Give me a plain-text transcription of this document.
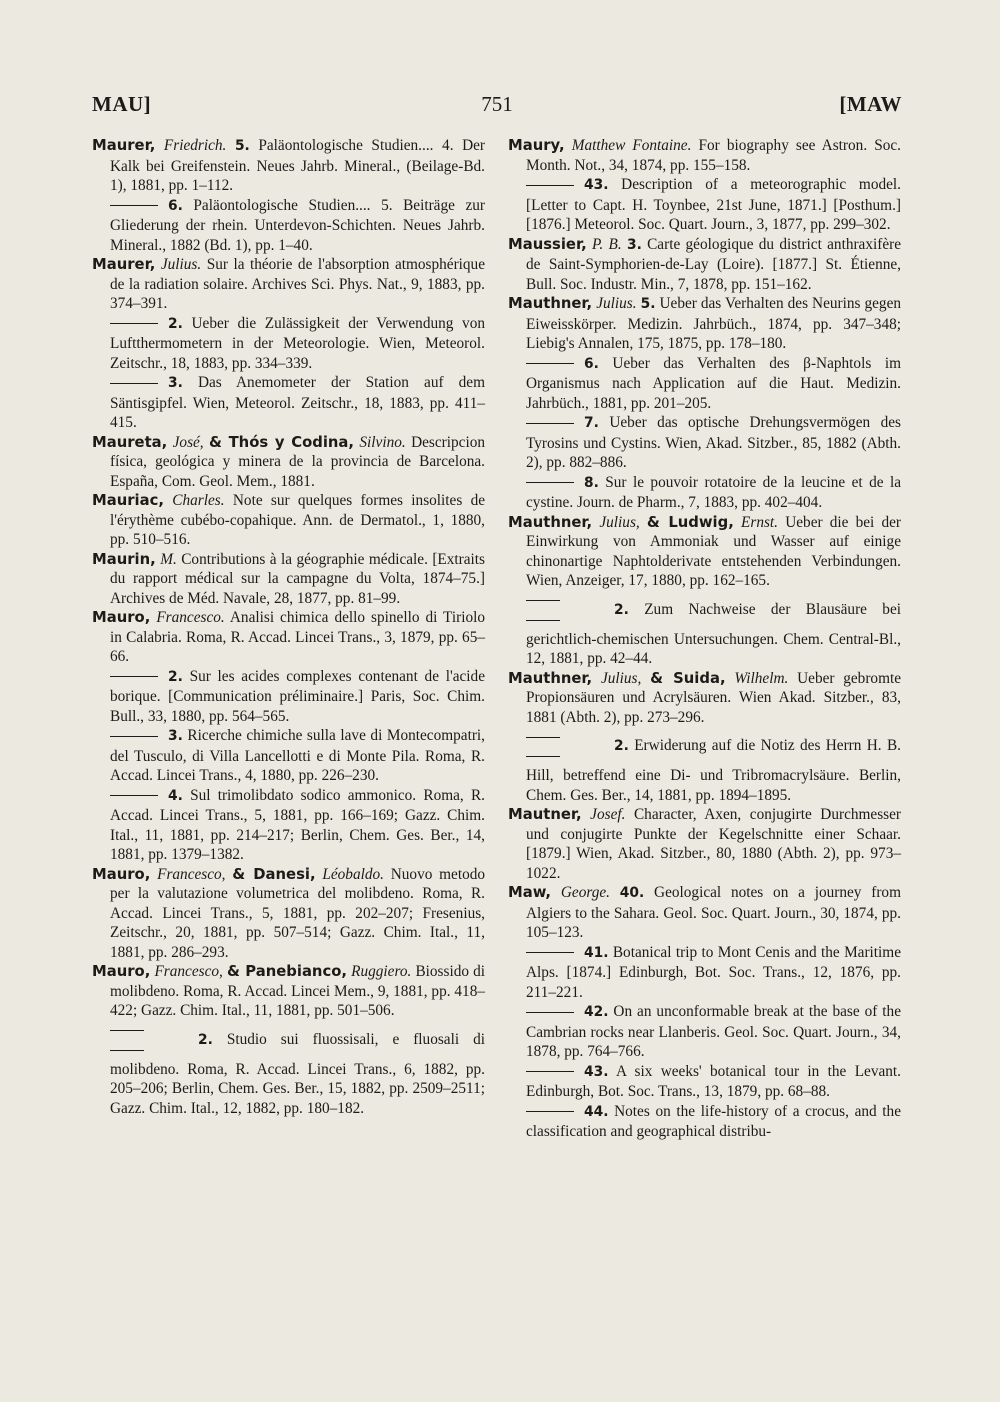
MAU]	751	[MAW
Maurer, Friedrich. 5. Paläontologische Studien.... 4. Der Kalk bei Greifenstein. Neues Jahrb. Mineral., (Beilage-Bd. 1), 1881, pp. 1–112.
6. Paläontologische Studien.... 5. Beiträge zur Gliederung der rhein. Unterdevon-Schichten. Neues Jahrb. Mineral., 1882 (Bd. 1), pp. 1–40.
Maurer, Julius. Sur la théorie de l'absorption atmosphérique de la radiation solaire. Archives Sci. Phys. Nat., 9, 1883, pp. 374–391.
2. Ueber die Zulässigkeit der Verwendung von Luftthermometern in der Meteorologie. Wien, Meteorol. Zeitschr., 18, 1883, pp. 334–339.
3. Das Anemometer der Station auf dem Säntisgipfel. Wien, Meteorol. Zeitschr., 18, 1883, pp. 411–415.
Maureta, José, & Thós y Codina, Silvino. Descripcion física, geológica y minera de la provincia de Barcelona. España, Com. Geol. Mem., 1881.
Mauriac, Charles. Note sur quelques formes insolites de l'érythème cubébo-copahique. Ann. de Dermatol., 1, 1880, pp. 510–516.
Maurin, M. Contributions à la géographie médicale. [Extraits du rapport médical sur la campagne du Volta, 1874–75.] Archives de Méd. Navale, 28, 1877, pp. 81–99.
Mauro, Francesco. Analisi chimica dello spinello di Tiriolo in Calabria. Roma, R. Accad. Lincei Trans., 3, 1879, pp. 65–66.
2. Sur les acides complexes contenant de l'acide borique. [Communication préliminaire.] Paris, Soc. Chim. Bull., 33, 1880, pp. 564–565.
3. Ricerche chimiche sulla lave di Montecompatri, del Tusculo, di Villa Lancellotti e di Monte Pila. Roma, R. Accad. Lincei Trans., 4, 1880, pp. 226–230.
4. Sul trimolibdato sodico ammonico. Roma, R. Accad. Lincei Trans., 5, 1881, pp. 166–169; Gazz. Chim. Ital., 11, 1881, pp. 214–217; Berlin, Chem. Ges. Ber., 14, 1881, pp. 1379–1382.
Mauro, Francesco, & Danesi, Léobaldo. Nuovo metodo per la valutazione volumetrica del molibdeno. Roma, R. Accad. Lincei Trans., 5, 1881, pp. 202–207; Fresenius, Zeitschr., 20, 1881, pp. 507–514; Gazz. Chim. Ital., 11, 1881, pp. 286–293.
Mauro, Francesco, & Panebianco, Ruggiero. Biossido di molibdeno. Roma, R. Accad. Lincei Mem., 9, 1881, pp. 418–422; Gazz. Chim. Ital., 11, 1881, pp. 501–506.
2. Studio sui fluossisali, e fluosali di molibdeno. Roma, R. Accad. Lincei Trans., 6, 1882, pp. 205–206; Berlin, Chem. Ges. Ber., 15, 1882, pp. 2509–2511; Gazz. Chim. Ital., 12, 1882, pp. 180–182.
Maury, Matthew Fontaine. For biography see Astron. Soc. Month. Not., 34, 1874, pp. 155–158.
43. Description of a meteorographic model. [Letter to Capt. H. Toynbee, 21st June, 1871.] [Posthum.] [1876.] Meteorol. Soc. Quart. Journ., 3, 1877, pp. 299–302.
Maussier, P. B. 3. Carte géologique du district anthraxifère de Saint-Symphorien-de-Lay (Loire). [1877.] St. Étienne, Bull. Soc. Industr. Min., 7, 1878, pp. 151–162.
Mauthner, Julius. 5. Ueber das Verhalten des Neurins gegen Eiweisskörper. Medizin. Jahrbüch., 1874, pp. 347–348; Liebig's Annalen, 175, 1875, pp. 178–180.
6. Ueber das Verhalten des β-Naphtols im Organismus nach Application auf die Haut. Medizin. Jahrbüch., 1881, pp. 201–205.
7. Ueber das optische Drehungsvermögen des Tyrosins und Cystins. Wien, Akad. Sitzber., 85, 1882 (Abth. 2), pp. 882–886.
8. Sur le pouvoir rotatoire de la leucine et de la cystine. Journ. de Pharm., 7, 1883, pp. 402–404.
Mauthner, Julius, & Ludwig, Ernst. Ueber die bei der Einwirkung von Ammoniak und Wasser auf einige chinonartige Naphtolderivate entstehenden Verbindungen. Wien, Anzeiger, 17, 1880, pp. 162–165.
2. Zum Nachweise der Blausäure bei gerichtlich-chemischen Untersuchungen. Chem. Central-Bl., 12, 1881, pp. 42–44.
Mauthner, Julius, & Suida, Wilhelm. Ueber gebromte Propionsäuren und Acrylsäuren. Wien Akad. Sitzber., 83, 1881 (Abth. 2), pp. 273–296.
2. Erwiderung auf die Notiz des Herrn H. B. Hill, betreffend eine Di- und Tribromacrylsäure. Berlin, Chem. Ges. Ber., 14, 1881, pp. 1894–1895.
Mautner, Josef. Character, Axen, conjugirte Durchmesser und conjugirte Punkte der Kegelschnitte einer Schaar. [1879.] Wien, Akad. Sitzber., 80, 1880 (Abth. 2), pp. 973–1022.
Maw, George. 40. Geological notes on a journey from Algiers to the Sahara. Geol. Soc. Quart. Journ., 30, 1874, pp. 105–123.
41. Botanical trip to Mont Cenis and the Maritime Alps. [1874.] Edinburgh, Bot. Soc. Trans., 12, 1876, pp. 211–221.
42. On an unconformable break at the base of the Cambrian rocks near Llanberis. Geol. Soc. Quart. Journ., 34, 1878, pp. 764–766.
43. A six weeks' botanical tour in the Levant. Edinburgh, Bot. Soc. Trans., 13, 1879, pp. 68–88.
44. Notes on the life-history of a crocus, and the classification and geographical distribu-
